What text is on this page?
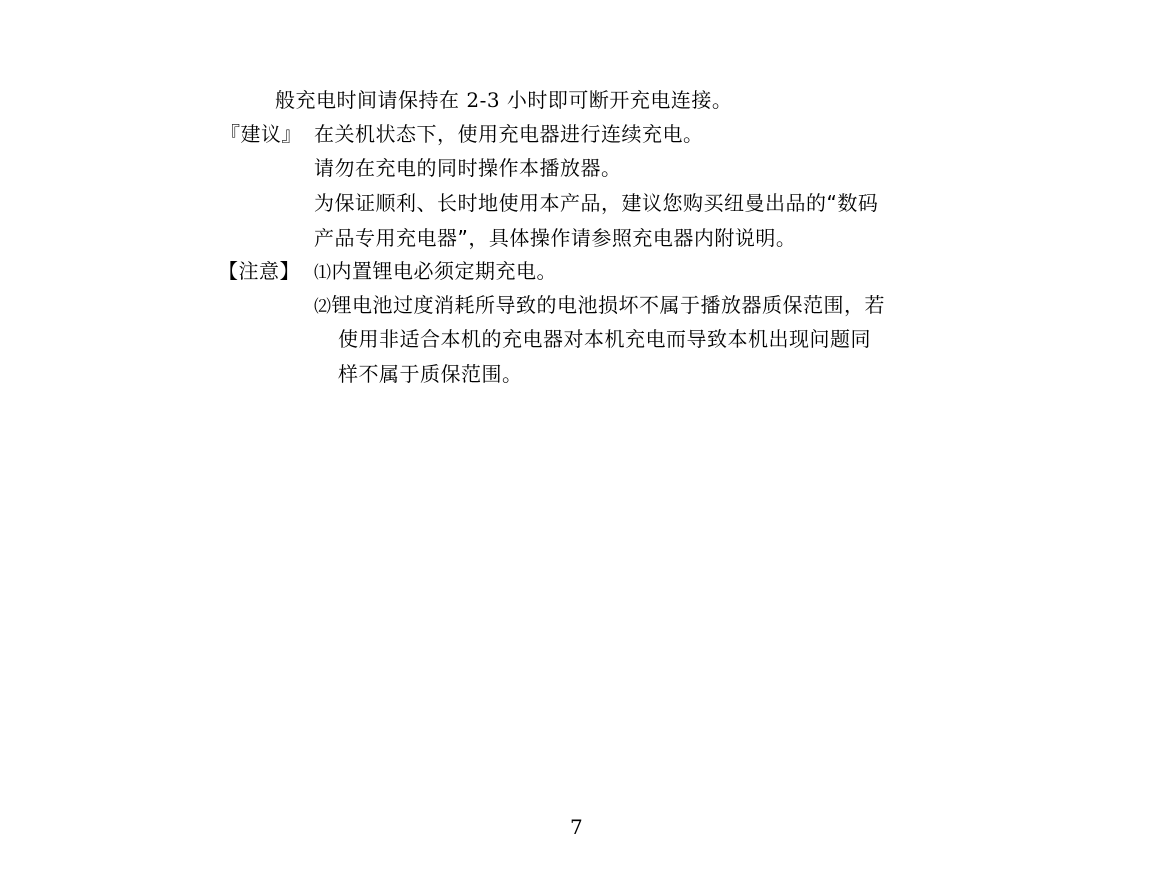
般充电时间请保持在 2-3 小时即可断开充电连接。
『建议』 在关机状态下，使用充电器进行连续充电。
请勿在充电的同时操作本播放器。
为保证顺利、长时地使用本产品，建议您购买纽曼出品的“数码
产品专用充电器”，具体操作请参照充电器内附说明。
【注意】 ⑴内置锂电必须定期充电。
⑵锂电池过度消耗所导致的电池损坏不属于播放器质保范围，若
使用非适合本机的充电器对本机充电而导致本机出现问题同
样不属于质保范围。
7
